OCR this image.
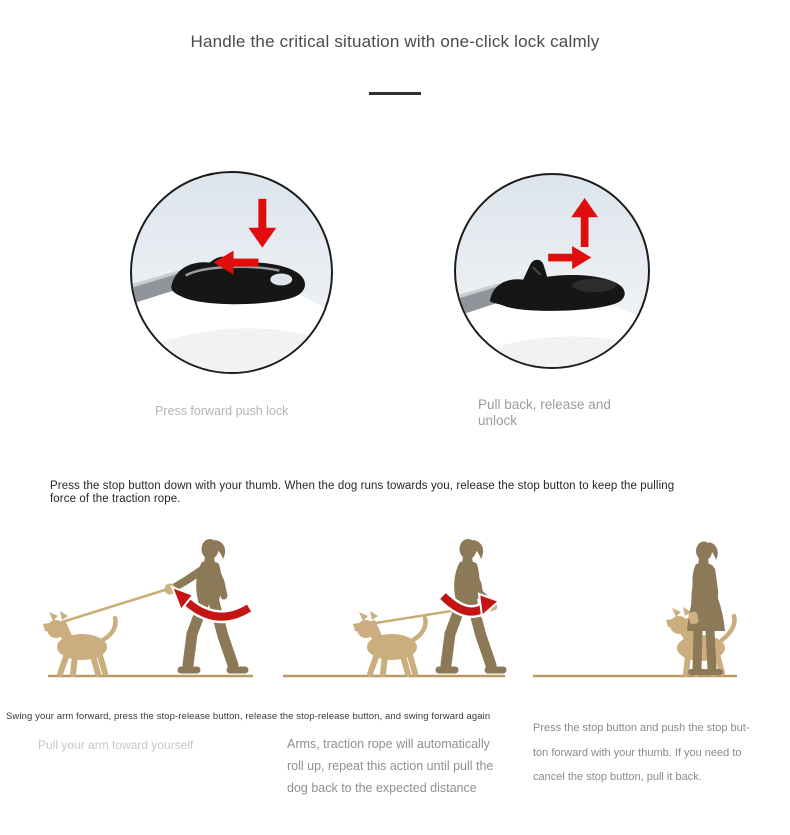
Handle the critical situation with one-click lock calmly
Press forward push lock	Pull back, release and
unlock
Press the stop button down with your thumb. When the dog runs towards you, release the stop button to keep the pulling
force of the traction rope.
Swing your arm forward, press the stop-release button, release the stop-release button, and swing forward again
Pull your arm toward yourself	Arms, traction rope will automatically
roll up, repeat this action until pull the
dog back to the expected distance
Press the stop button and push the stop but-
ton forward with your thumb. If you need to
cancel the stop button, pull it back.
